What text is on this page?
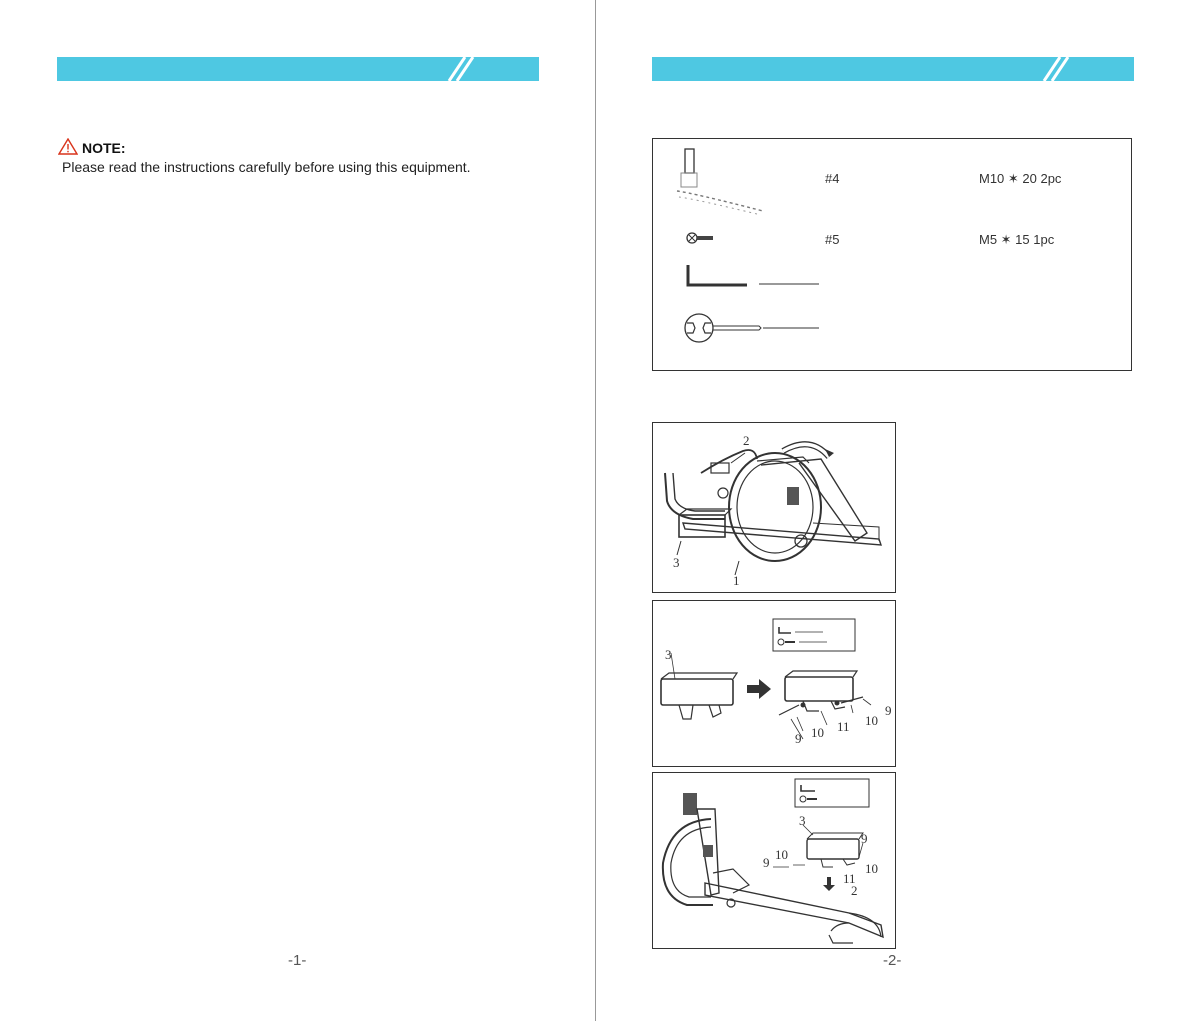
NOTE:
Please read the instructions carefully before using this equipment.
-1-
#4	M10 ✶ 20 2pc
#5	M5 ✶ 15 1pc
2
3
1
3
9
10
11
10
9
3
9
10
9	10
11
2
-2-
